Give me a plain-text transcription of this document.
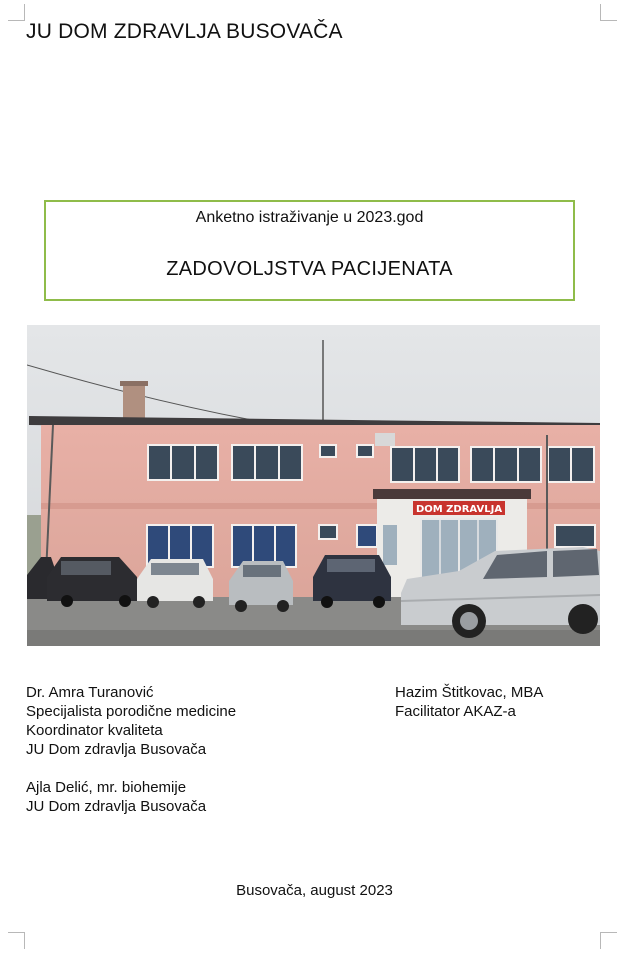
JU DOM ZDRAVLJA BUSOVAČA
Anketno istraživanje u 2023.god
ZADOVOLJSTVA PACIJENATA
DOM ZDRAVLJA
Dr. Amra Turanović
Specijalista porodične medicine
Koordinator kvaliteta
JU Dom zdravlja Busovača
Ajla Delić, mr. biohemije
JU Dom zdravlja Busovača
Hazim Štitkovac, MBA
Facilitator AKAZ-a
Busovača, august 2023
